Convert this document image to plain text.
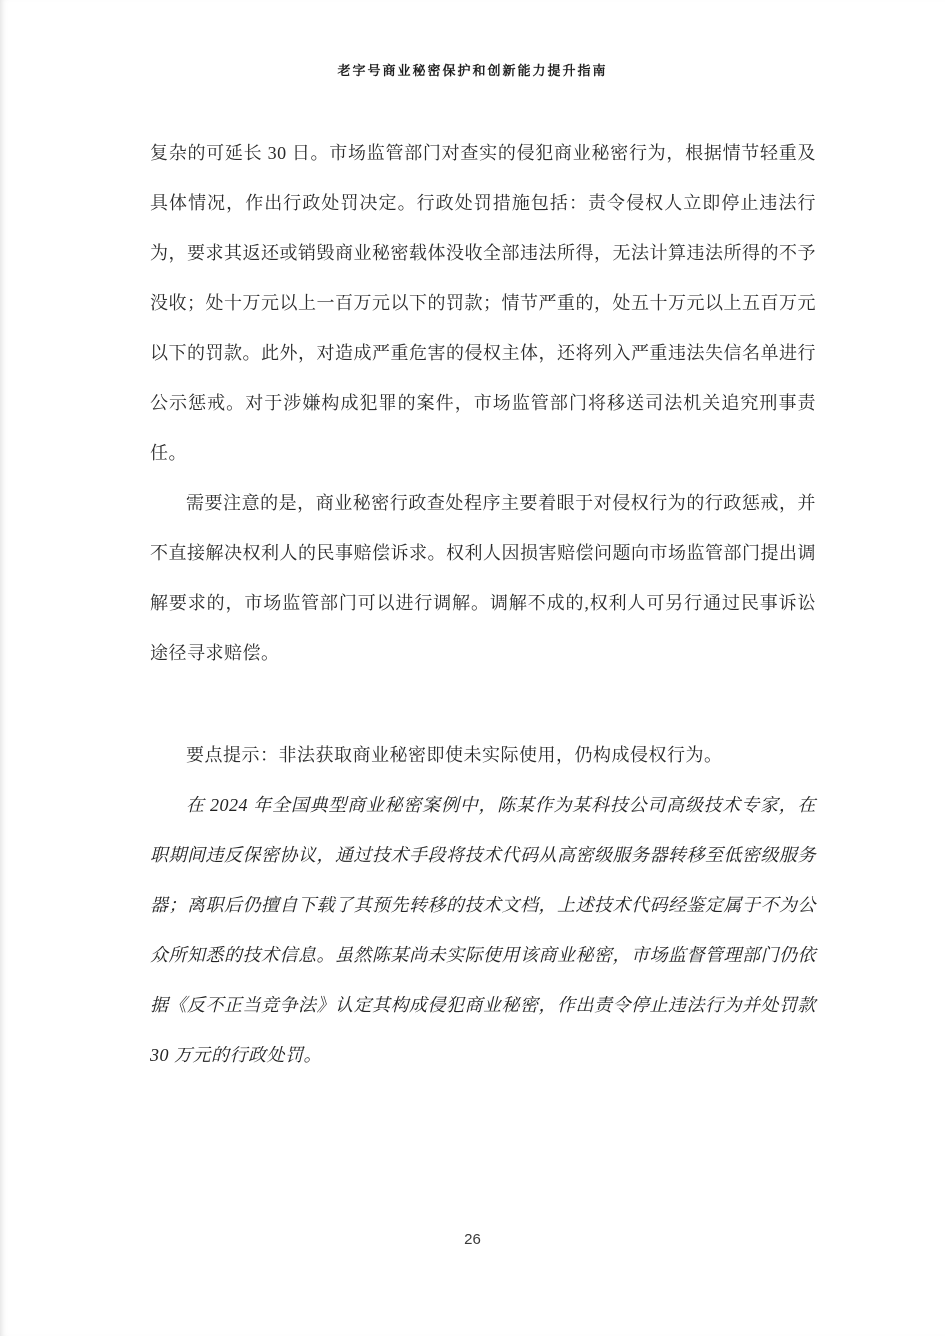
老字号商业秘密保护和创新能力提升指南

复杂的可延长 30 日。市场监管部门对查实的侵犯商业秘密行为，根据情节轻重及具体情况，作出行政处罚决定。行政处罚措施包括：责令侵权人立即停止违法行为，要求其返还或销毁商业秘密载体没收全部违法所得，无法计算违法所得的不予没收；处十万元以上一百万元以下的罚款；情节严重的，处五十万元以上五百万元以下的罚款。此外，对造成严重危害的侵权主体，还将列入严重违法失信名单进行公示惩戒。对于涉嫌构成犯罪的案件，市场监管部门将移送司法机关追究刑事责任。

需要注意的是，商业秘密行政查处程序主要着眼于对侵权行为的行政惩戒，并不直接解决权利人的民事赔偿诉求。权利人因损害赔偿问题向市场监管部门提出调解要求的，市场监管部门可以进行调解。调解不成的,权利人可另行通过民事诉讼途径寻求赔偿。

要点提示：非法获取商业秘密即使未实际使用，仍构成侵权行为。

在 2024 年全国典型商业秘密案例中，陈某作为某科技公司高级技术专家，在职期间违反保密协议，通过技术手段将技术代码从高密级服务器转移至低密级服务器；离职后仍擅自下载了其预先转移的技术文档，上述技术代码经鉴定属于不为公众所知悉的技术信息。虽然陈某尚未实际使用该商业秘密，市场监督管理部门仍依据《反不正当竞争法》认定其构成侵犯商业秘密，作出责令停止违法行为并处罚款 30 万元的行政处罚。

26
